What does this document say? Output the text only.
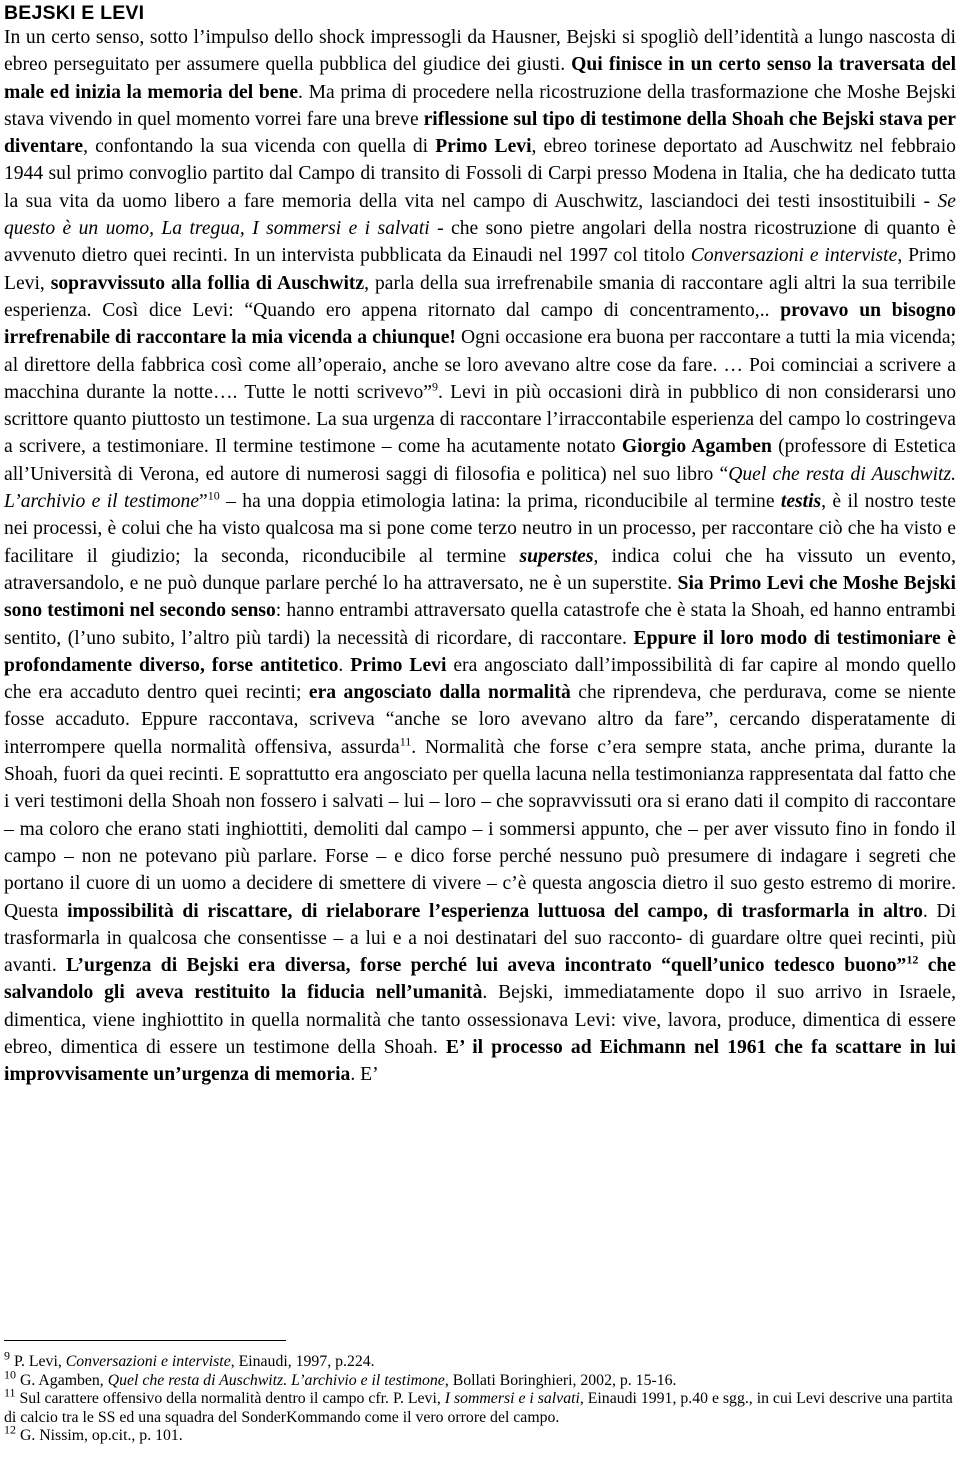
BEJSKI E LEVI

In un certo senso, sotto l’impulso dello shock impressogli da Hausner, Bejski si spogliò dell’identità a lungo nascosta di ebreo perseguitato per assumere quella pubblica del giudice dei giusti. Qui finisce in un certo senso la traversata del male ed inizia la memoria del bene. Ma prima di procedere nella ricostruzione della trasformazione che Moshe Bejski stava vivendo in quel momento vorrei fare una breve riflessione sul tipo di testimone della Shoah che Bejski stava per diventare, confontando la sua vicenda con quella di Primo Levi, ebreo torinese deportato ad Auschwitz nel febbraio 1944 sul primo convoglio partito dal Campo di transito di Fossoli di Carpi presso Modena in Italia, che ha dedicato tutta la sua vita da uomo libero a fare memoria della vita nel campo di Auschwitz, lasciandoci dei testi insostituibili - Se questo è un uomo, La tregua, I sommersi e i salvati - che sono pietre angolari della nostra ricostruzione di quanto è avvenuto dietro quei recinti. In un intervista pubblicata da Einaudi nel 1997 col titolo Conversazioni e interviste, Primo Levi, sopravvissuto alla follia di Auschwitz, parla della sua irrefrenabile smania di raccontare agli altri la sua terribile esperienza. Così dice Levi: “Quando ero appena ritornato dal campo di concentramento,.. provavo un bisogno irrefrenabile di raccontare la mia vicenda a chiunque! Ogni occasione era buona per raccontare a tutti la mia vicenda; al direttore della fabbrica così come all’operaio, anche se loro avevano altre cose da fare. … Poi cominciai a scrivere a macchina durante la notte…. Tutte le notti scrivevo”$^9$. Levi in più occasioni dirà in pubblico di non considerarsi uno scrittore quanto piuttosto un testimone. La sua urgenza di raccontare l’irraccontabile esperienza del campo lo costringeva a scrivere, a testimoniare. Il termine testimone – come ha acutamente notato Giorgio Agamben (professore di Estetica all’Università di Verona, ed autore di numerosi saggi di filosofia e politica) nel suo libro “Quel che resta di Auschwitz. L’archivio e il testimone”$^{10}$ – ha una doppia etimologia latina: la prima, riconducibile al termine testis, è il nostro teste nei processi, è colui che ha visto qualcosa ma si pone come terzo neutro in un processo, per raccontare ciò che ha visto e facilitare il giudizio; la seconda, riconducibile al termine superstes, indica colui che ha vissuto un evento, atraversandolo, e ne può dunque parlare perché lo ha attraversato, ne è un superstite. Sia Primo Levi che Moshe Bejski sono testimoni nel secondo senso: hanno entrambi attraversato quella catastrofe che è stata la Shoah, ed hanno entrambi sentito, (l’uno subito, l’altro più tardi) la necessità di ricordare, di raccontare. Eppure il loro modo di testimoniare è profondamente diverso, forse antitetico. Primo Levi era angosciato dall’impossibilità di far capire al mondo quello che era accaduto dentro quei recinti; era angosciato dalla normalità che riprendeva, che perdurava, come se niente fosse accaduto. Eppure raccontava, scriveva “anche se loro avevano altro da fare”, cercando disperatamente di interrompere quella normalità offensiva, assurda$^{11}$. Normalità che forse c’era sempre stata, anche prima, durante la Shoah, fuori da quei recinti. E soprattutto era angosciato per quella lacuna nella testimonianza rappresentata dal fatto che i veri testimoni della Shoah non fossero i salvati – lui – loro – che sopravvissuti ora si erano dati il compito di raccontare – ma coloro che erano stati inghiottiti, demoliti dal campo – i sommersi appunto, che – per aver vissuto fino in fondo il campo – non ne potevano più parlare. Forse – e dico forse perché nessuno può presumere di indagare i segreti che portano il cuore di un uomo a decidere di smettere di vivere – c’è questa angoscia dietro il suo gesto estremo di morire. Questa impossibilità di riscattare, di rielaborare l’esperienza luttuosa del campo, di trasformarla in altro. Di trasformarla in qualcosa che consentisse – a lui e a noi destinatari del suo racconto- di guardare oltre quei recinti, più avanti. L’urgenza di Bejski era diversa, forse perché lui aveva incontrato “quell’unico tedesco buono”$^{12}$ che salvandolo gli aveva restituito la fiducia nell’umanità. Bejski, immediatamente dopo il suo arrivo in Israele, dimentica, viene inghiottito in quella normalità che tanto ossessionava Levi: vive, lavora, produce, dimentica di essere ebreo, dimentica di essere un testimone della Shoah. E’ il processo ad Eichmann nel 1961 che fa scattare in lui improvvisamente un’urgenza di memoria. E’

$^9$ P. Levi, Conversazioni e interviste, Einaudi, 1997, p.224.

$^{10}$ G. Agamben, Quel che resta di Auschwitz. L’archivio e il testimone, Bollati Boringhieri, 2002, p. 15-16.

$^{11}$ Sul carattere offensivo della normalità dentro il campo cfr. P. Levi, I sommersi e i salvati, Einaudi 1991, p.40 e sgg., in cui Levi descrive una partita di calcio tra le SS ed una squadra del SonderKommando come il vero orrore del campo.

$^{12}$ G. Nissim, op.cit., p. 101.
